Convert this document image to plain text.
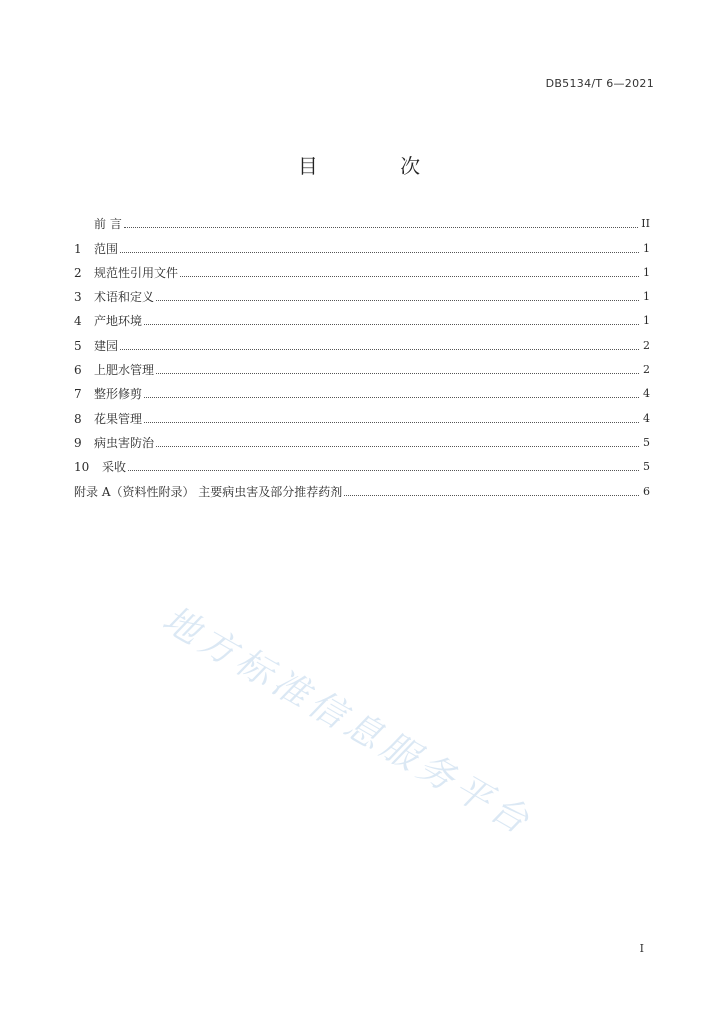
DB5134/T 6—2021
目 次
前 言	II
1	范围	1
2	规范性引用文件	1
3	术语和定义	1
4	产地环境	1
5	建园	2
6	上肥水管理	2
7	整形修剪	4
8	花果管理	4
9	病虫害防治	5
10	采收	5
附录 A（资料性附录） 主要病虫害及部分推荐药剂	6
地方标准信息服务平台
I
